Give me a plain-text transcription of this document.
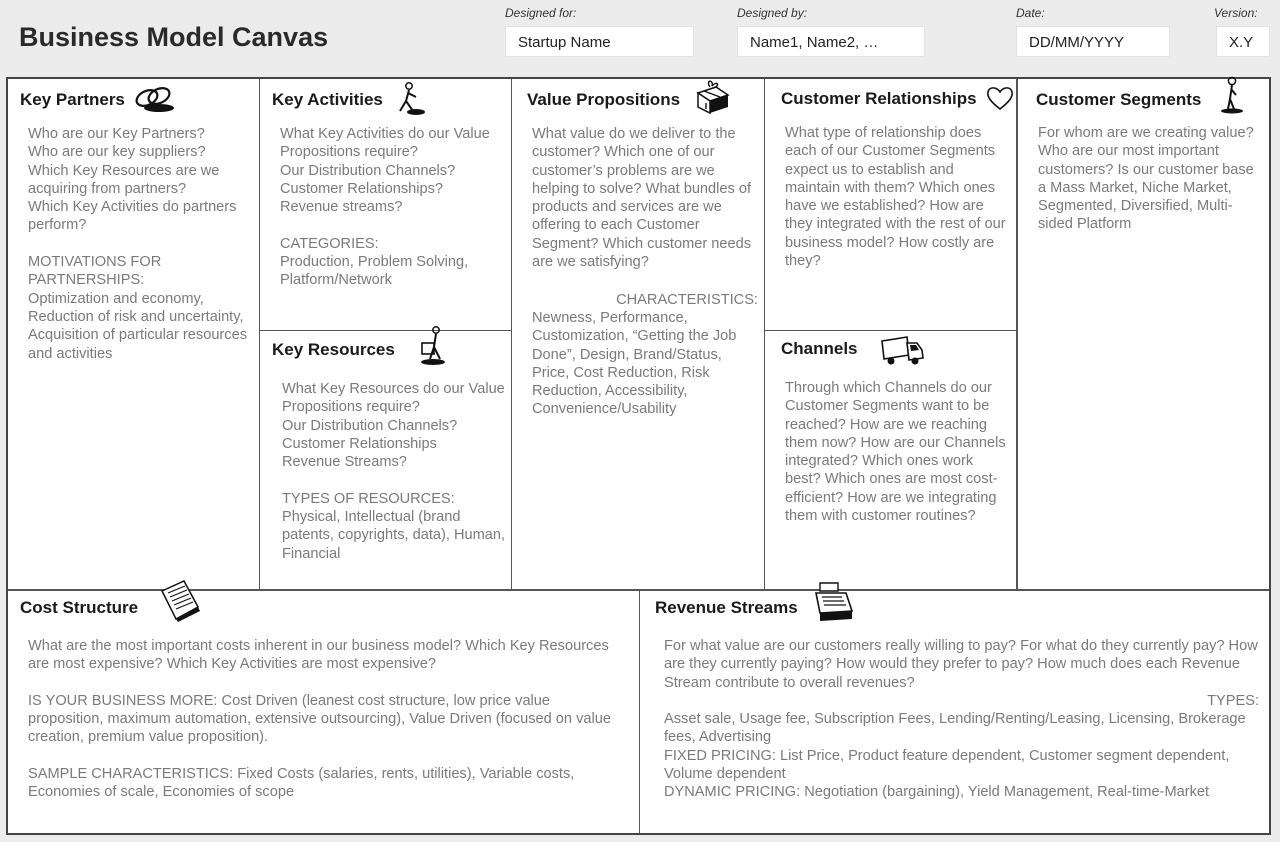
Business Model Canvas
Designed for:
Startup Name
Designed by:
Name1, Name2, …
Date:
DD/MM/YYYY
Version:
X.Y
Key Partners
Who are our Key Partners?
Who are our key suppliers?
Which Key Resources are we acquiring from partners?
Which Key Activities do partners perform?

MOTIVATIONS FOR PARTNERSHIPS:
Optimization and economy, Reduction of risk and uncertainty, Acquisition of particular resources and activities
Key Activities
What Key Activities do our Value Propositions require?
Our Distribution Channels?
Customer Relationships?
Revenue streams?

CATEGORIES:
Production, Problem Solving, Platform/Network
Key Resources
What Key Resources do our Value Propositions require?
Our Distribution Channels?
Customer Relationships
Revenue Streams?

TYPES OF RESOURCES:
Physical, Intellectual (brand patents, copyrights, data), Human, Financial
Value Propositions
What value do we deliver to the customer? Which one of our customer’s problems are we helping to solve? What bundles of products and services are we offering to each Customer Segment? Which customer needs are we satisfying?
CHARACTERISTICS:
Newness, Performance, Customization, “Getting the Job Done”, Design, Brand/Status, Price, Cost Reduction, Risk Reduction, Accessibility, Convenience/Usability
Customer Relationships
What type of relationship does each of our Customer Segments expect us to establish and maintain with them? Which ones have we established? How are they integrated with the rest of our business model? How costly are they?
Channels
Through which Channels do our Customer Segments want to be reached? How are we reaching them now? How are our Channels integrated? Which ones work best? Which ones are most cost-efficient? How are we integrating them with customer routines?
Customer Segments
For whom are we creating value? Who are our most important customers? Is our customer base a Mass Market, Niche Market, Segmented, Diversified, Multi-sided Platform
Cost Structure
What are the most important costs inherent in our business model? Which Key Resources are most expensive? Which Key Activities are most expensive?

IS YOUR BUSINESS MORE: Cost Driven (leanest cost structure, low price value proposition, maximum automation, extensive outsourcing), Value Driven (focused on value creation, premium value proposition).

SAMPLE CHARACTERISTICS: Fixed Costs (salaries, rents, utilities), Variable costs, Economies of scale, Economies of scope
Revenue Streams
For what value are our customers really willing to pay? For what do they currently pay? How are they currently paying? How would they prefer to pay? How much does each Revenue Stream contribute to overall revenues?
TYPES:
Asset sale, Usage fee, Subscription Fees, Lending/Renting/Leasing, Licensing, Brokerage fees, Advertising
FIXED PRICING: List Price, Product feature dependent, Customer segment dependent, Volume dependent
DYNAMIC PRICING: Negotiation (bargaining), Yield Management, Real-time-Market
